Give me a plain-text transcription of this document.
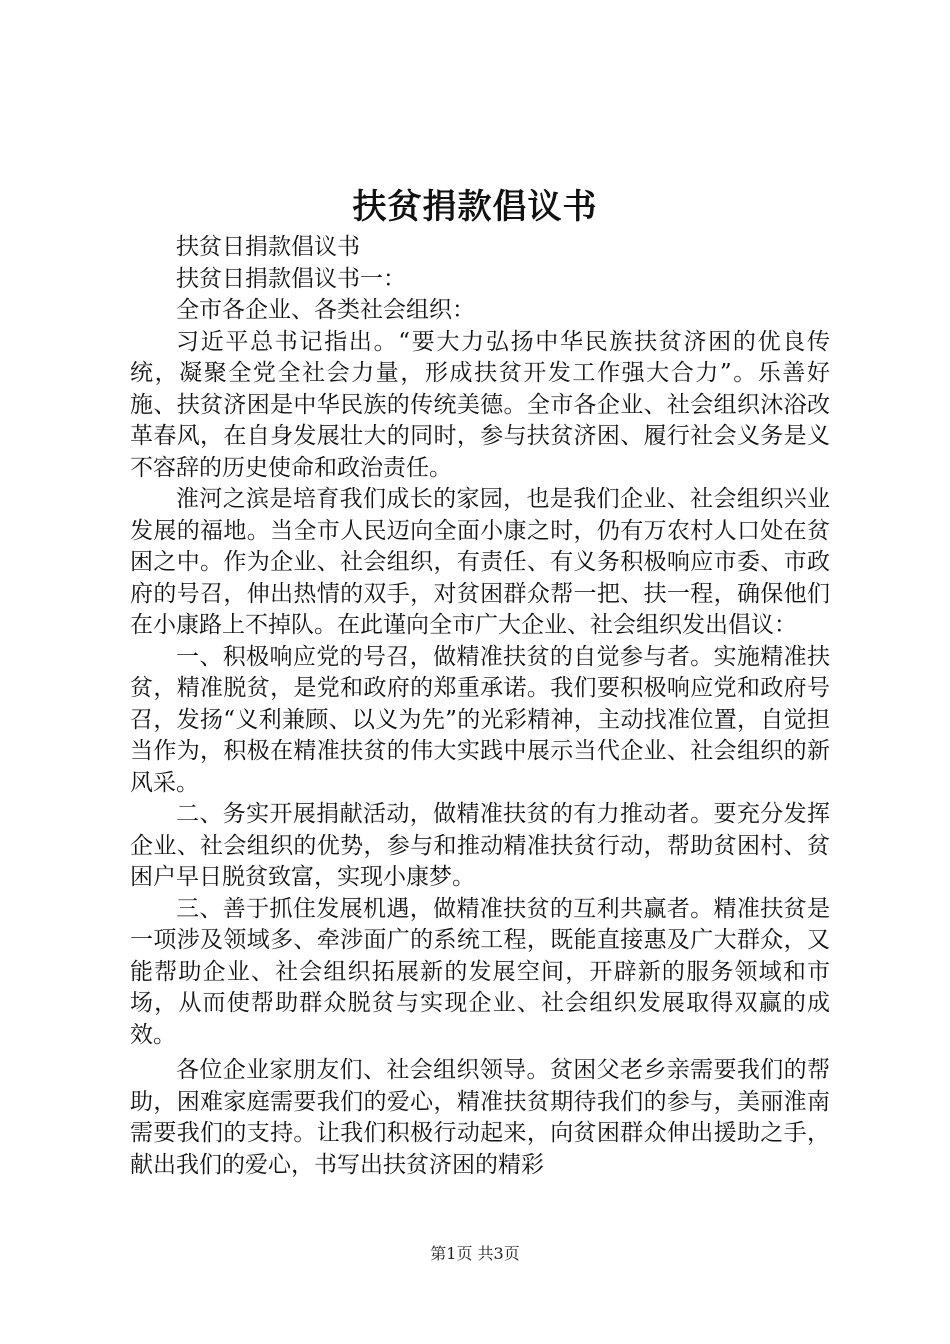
扶贫捐款倡议书

扶贫日捐款倡议书

扶贫日捐款倡议书一：

全市各企业、各类社会组织：

习近平总书记指出。“要大力弘扬中华民族扶贫济困的优良传统，凝聚全党全社会力量，形成扶贫开发工作强大合力”。乐善好施、扶贫济困是中华民族的传统美德。全市各企业、社会组织沐浴改革春风，在自身发展壮大的同时，参与扶贫济困、履行社会义务是义不容辞的历史使命和政治责任。

淮河之滨是培育我们成长的家园，也是我们企业、社会组织兴业发展的福地。当全市人民迈向全面小康之时，仍有万农村人口处在贫困之中。作为企业、社会组织，有责任、有义务积极响应市委、市政府的号召，伸出热情的双手，对贫困群众帮一把、扶一程，确保他们在小康路上不掉队。在此谨向全市广大企业、社会组织发出倡议：

一、积极响应党的号召，做精准扶贫的自觉参与者。实施精准扶贫，精准脱贫，是党和政府的郑重承诺。我们要积极响应党和政府号召，发扬“义利兼顾、以义为先”的光彩精神，主动找准位置，自觉担当作为，积极在精准扶贫的伟大实践中展示当代企业、社会组织的新风采。

二、务实开展捐献活动，做精准扶贫的有力推动者。要充分发挥企业、社会组织的优势，参与和推动精准扶贫行动，帮助贫困村、贫困户早日脱贫致富，实现小康梦。

三、善于抓住发展机遇，做精准扶贫的互利共赢者。精准扶贫是一项涉及领域多、牵涉面广的系统工程，既能直接惠及广大群众，又能帮助企业、社会组织拓展新的发展空间，开辟新的服务领域和市场，从而使帮助群众脱贫与实现企业、社会组织发展取得双赢的成效。

各位企业家朋友们、社会组织领导。贫困父老乡亲需要我们的帮助，困难家庭需要我们的爱心，精准扶贫期待我们的参与，美丽淮南需要我们的支持。让我们积极行动起来，向贫困群众伸出援助之手，献出我们的爱心，书写出扶贫济困的精彩

第1页 共3页
